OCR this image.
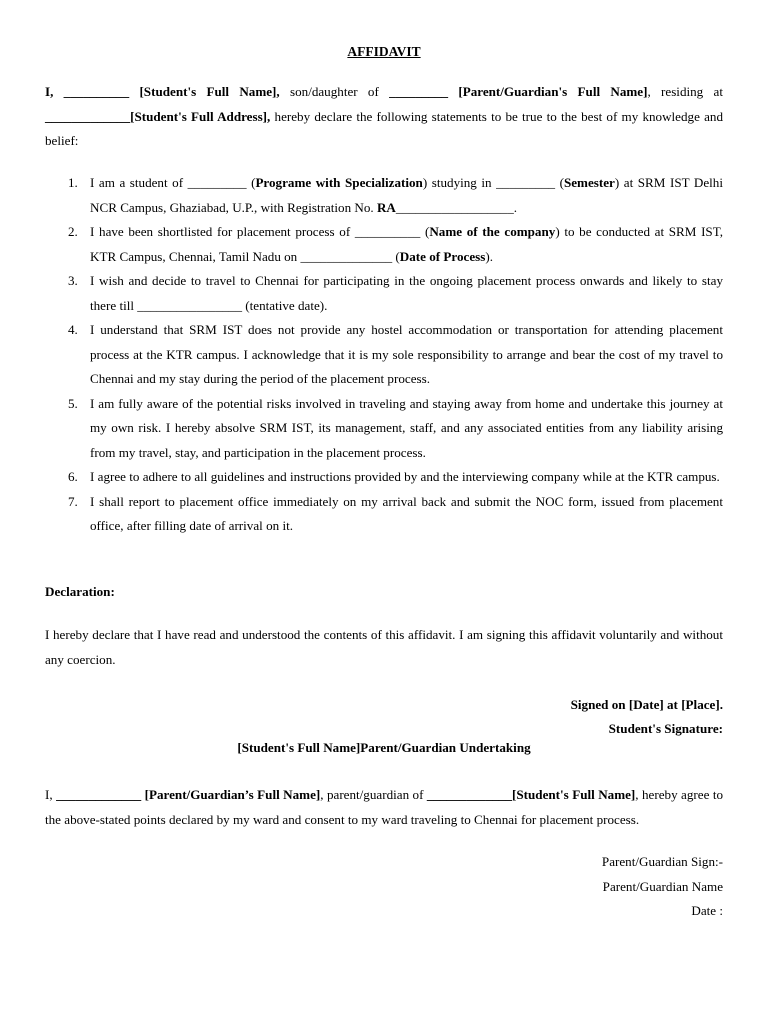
AFFIDAVIT
I, __________ [Student's Full Name], son/daughter of _________ [Parent/Guardian's Full Name], residing at _____________[Student's Full Address], hereby declare the following statements to be true to the best of my knowledge and belief:
1. I am a student of _________ (Programe with Specialization) studying in _________ (Semester) at SRM IST Delhi NCR Campus, Ghaziabad, U.P., with Registration No. RA__________________.
2. I have been shortlisted for placement process of __________ (Name of the company) to be conducted at SRM IST, KTR Campus, Chennai, Tamil Nadu on ______________ (Date of Process).
3. I wish and decide to travel to Chennai for participating in the ongoing placement process onwards and likely to stay there till ________________ (tentative date).
4. I understand that SRM IST does not provide any hostel accommodation or transportation for attending placement process at the KTR campus. I acknowledge that it is my sole responsibility to arrange and bear the cost of my travel to Chennai and my stay during the period of the placement process.
5. I am fully aware of the potential risks involved in traveling and staying away from home and undertake this journey at my own risk. I hereby absolve SRM IST, its management, staff, and any associated entities from any liability arising from my travel, stay, and participation in the placement process.
6. I agree to adhere to all guidelines and instructions provided by and the interviewing company while at the KTR campus.
7. I shall report to placement office immediately on my arrival back and submit the NOC form, issued from placement office, after filling date of arrival on it.
Declaration:
I hereby declare that I have read and understood the contents of this affidavit. I am signing this affidavit voluntarily and without any coercion.
Signed on [Date] at [Place].
Student's Signature:
[Student's Full Name]Parent/Guardian Undertaking
I, _____________ [Parent/Guardian’s Full Name], parent/guardian of _____________[Student's Full Name], hereby agree to the above-stated points declared by my ward and consent to my ward traveling to Chennai for placement process.
Parent/Guardian Sign:-
Parent/Guardian Name
Date :
